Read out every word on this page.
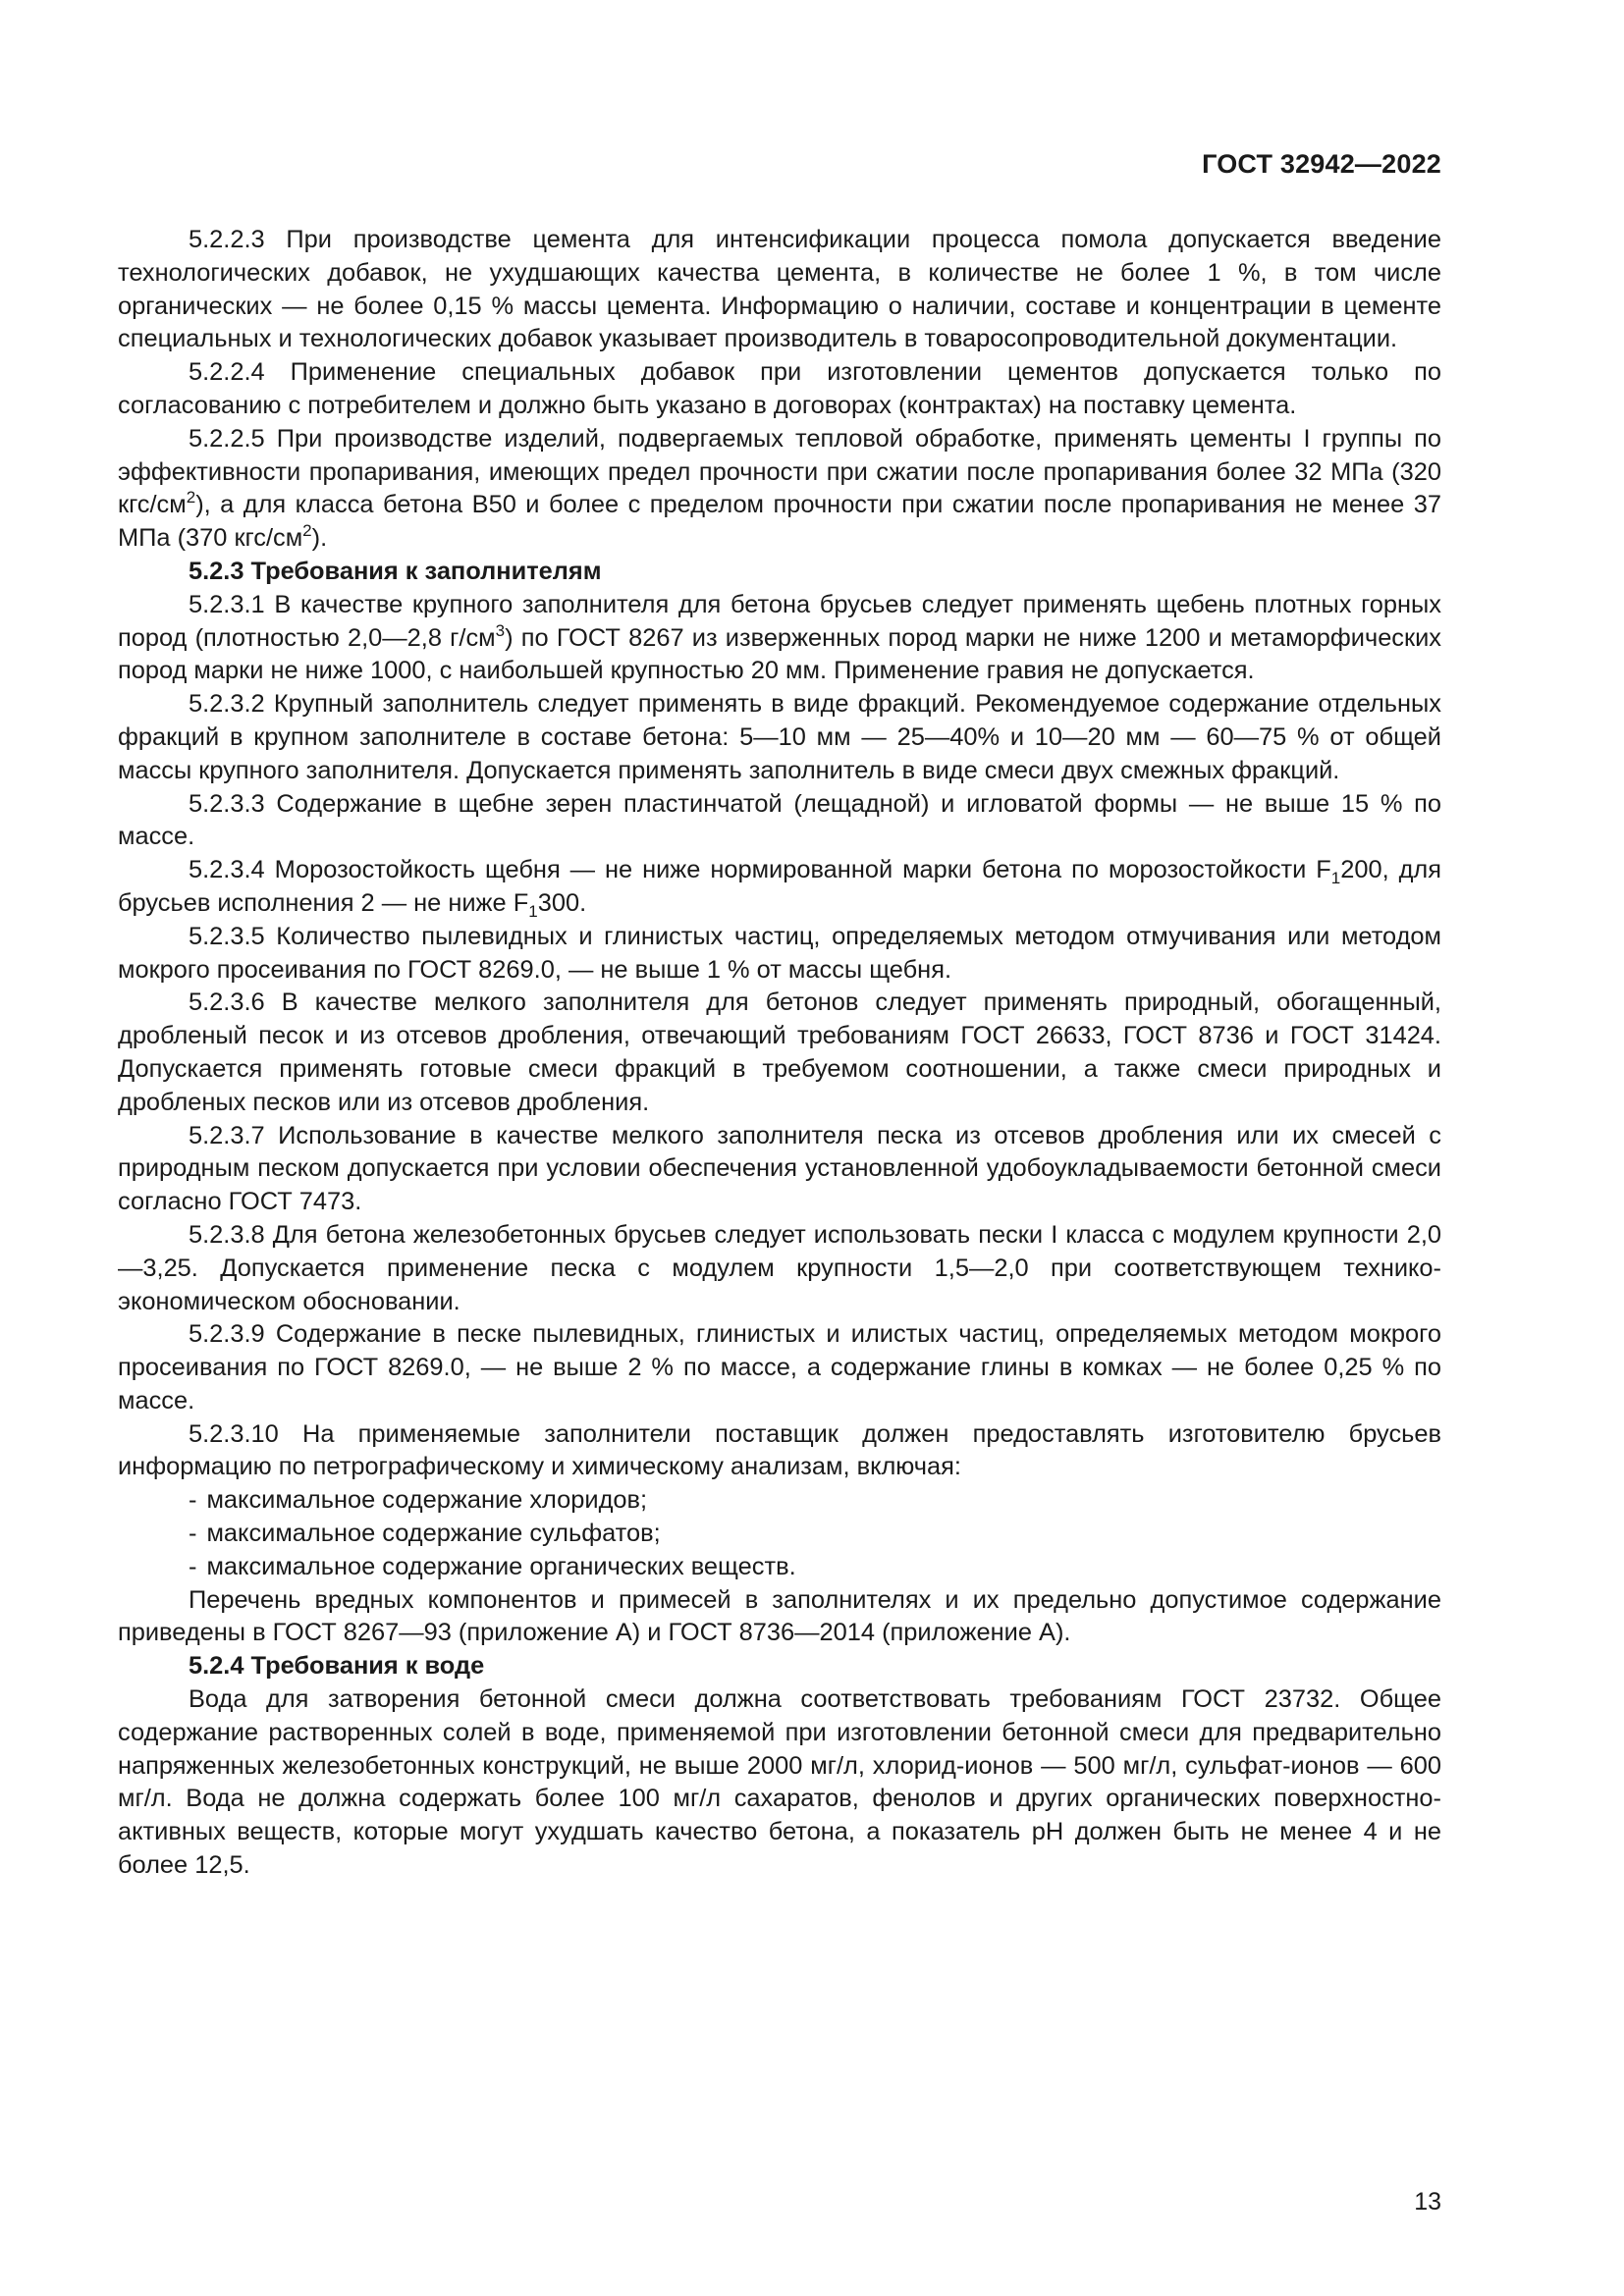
ГОСТ 32942—2022

5.2.2.3 При производстве цемента для интенсификации процесса помола допускается введение технологических добавок, не ухудшающих качества цемента, в количестве не более 1 %, в том числе органических — не более 0,15 % массы цемента. Информацию о наличии, составе и концентрации в цементе специальных и технологических добавок указывает производитель в товаросопроводительной документации.

5.2.2.4 Применение специальных добавок при изготовлении цементов допускается только по согласованию с потребителем и должно быть указано в договорах (контрактах) на поставку цемента.

5.2.2.5 При производстве изделий, подвергаемых тепловой обработке, применять цементы I группы по эффективности пропаривания, имеющих предел прочности при сжатии после пропаривания более 32 МПа (320 кгс/$см^2$), а для класса бетона В50 и более с пределом прочности при сжатии после пропаривания не менее 37 МПа (370 кгс/$см^2$).

5.2.3 Требования к заполнителям

5.2.3.1 В качестве крупного заполнителя для бетона брусьев следует применять щебень плотных горных пород (плотностью 2,0—2,8 $г/см^3$) по ГОСТ 8267 из изверженных пород марки не ниже 1200 и метаморфических пород марки не ниже 1000, с наибольшей крупностью 20 мм. Применение гравия не допускается.

5.2.3.2 Крупный заполнитель следует применять в виде фракций. Рекомендуемое содержание отдельных фракций в крупном заполнителе в составе бетона: 5—10 мм — 25—40% и 10—20 мм — 60—75 % от общей массы крупного заполнителя. Допускается применять заполнитель в виде смеси двух смежных фракций.

5.2.3.3 Содержание в щебне зерен пластинчатой (лещадной) и игловатой формы — не выше 15 % по массе.

5.2.3.4 Морозостойкость щебня — не ниже нормированной марки бетона по морозостойкости $F_1200$, для брусьев исполнения 2 — не ниже $F_1300$.

5.2.3.5 Количество пылевидных и глинистых частиц, определяемых методом отмучивания или методом мокрого просеивания по ГОСТ 8269.0, — не выше 1 % от массы щебня.

5.2.3.6 В качестве мелкого заполнителя для бетонов следует применять природный, обогащенный, дробленый песок и из отсевов дробления, отвечающий требованиям ГОСТ 26633, ГОСТ 8736 и ГОСТ 31424. Допускается применять готовые смеси фракций в требуемом соотношении, а также смеси природных и дробленых песков или из отсевов дробления.

5.2.3.7 Использование в качестве мелкого заполнителя песка из отсевов дробления или их смесей с природным песком допускается при условии обеспечения установленной удобоукладываемости бетонной смеси согласно ГОСТ 7473.

5.2.3.8 Для бетона железобетонных брусьев следует использовать пески I класса с модулем крупности 2,0—3,25. Допускается применение песка с модулем крупности 1,5—2,0 при соответствующем технико-экономическом обосновании.

5.2.3.9 Содержание в песке пылевидных, глинистых и илистых частиц, определяемых методом мокрого просеивания по ГОСТ 8269.0, — не выше 2 % по массе, а содержание глины в комках — не более 0,25 % по массе.

5.2.3.10 На применяемые заполнители поставщик должен предоставлять изготовителю брусьев информацию по петрографическому и химическому анализам, включая:

- максимальное содержание хлоридов;

- максимальное содержание сульфатов;

- максимальное содержание органических веществ.

Перечень вредных компонентов и примесей в заполнителях и их предельно допустимое содержание приведены в ГОСТ 8267—93 (приложение А) и ГОСТ 8736—2014 (приложение А).

5.2.4 Требования к воде

Вода для затворения бетонной смеси должна соответствовать требованиям ГОСТ 23732. Общее содержание растворенных солей в воде, применяемой при изготовлении бетонной смеси для предварительно напряженных железобетонных конструкций, не выше 2000 мг/л, хлорид-ионов — 500 мг/л, сульфат-ионов — 600 мг/л. Вода не должна содержать более 100 мг/л сахаратов, фенолов и других органических поверхностно-активных веществ, которые могут ухудшать качество бетона, а показатель pH должен быть не менее 4 и не более 12,5.

13
